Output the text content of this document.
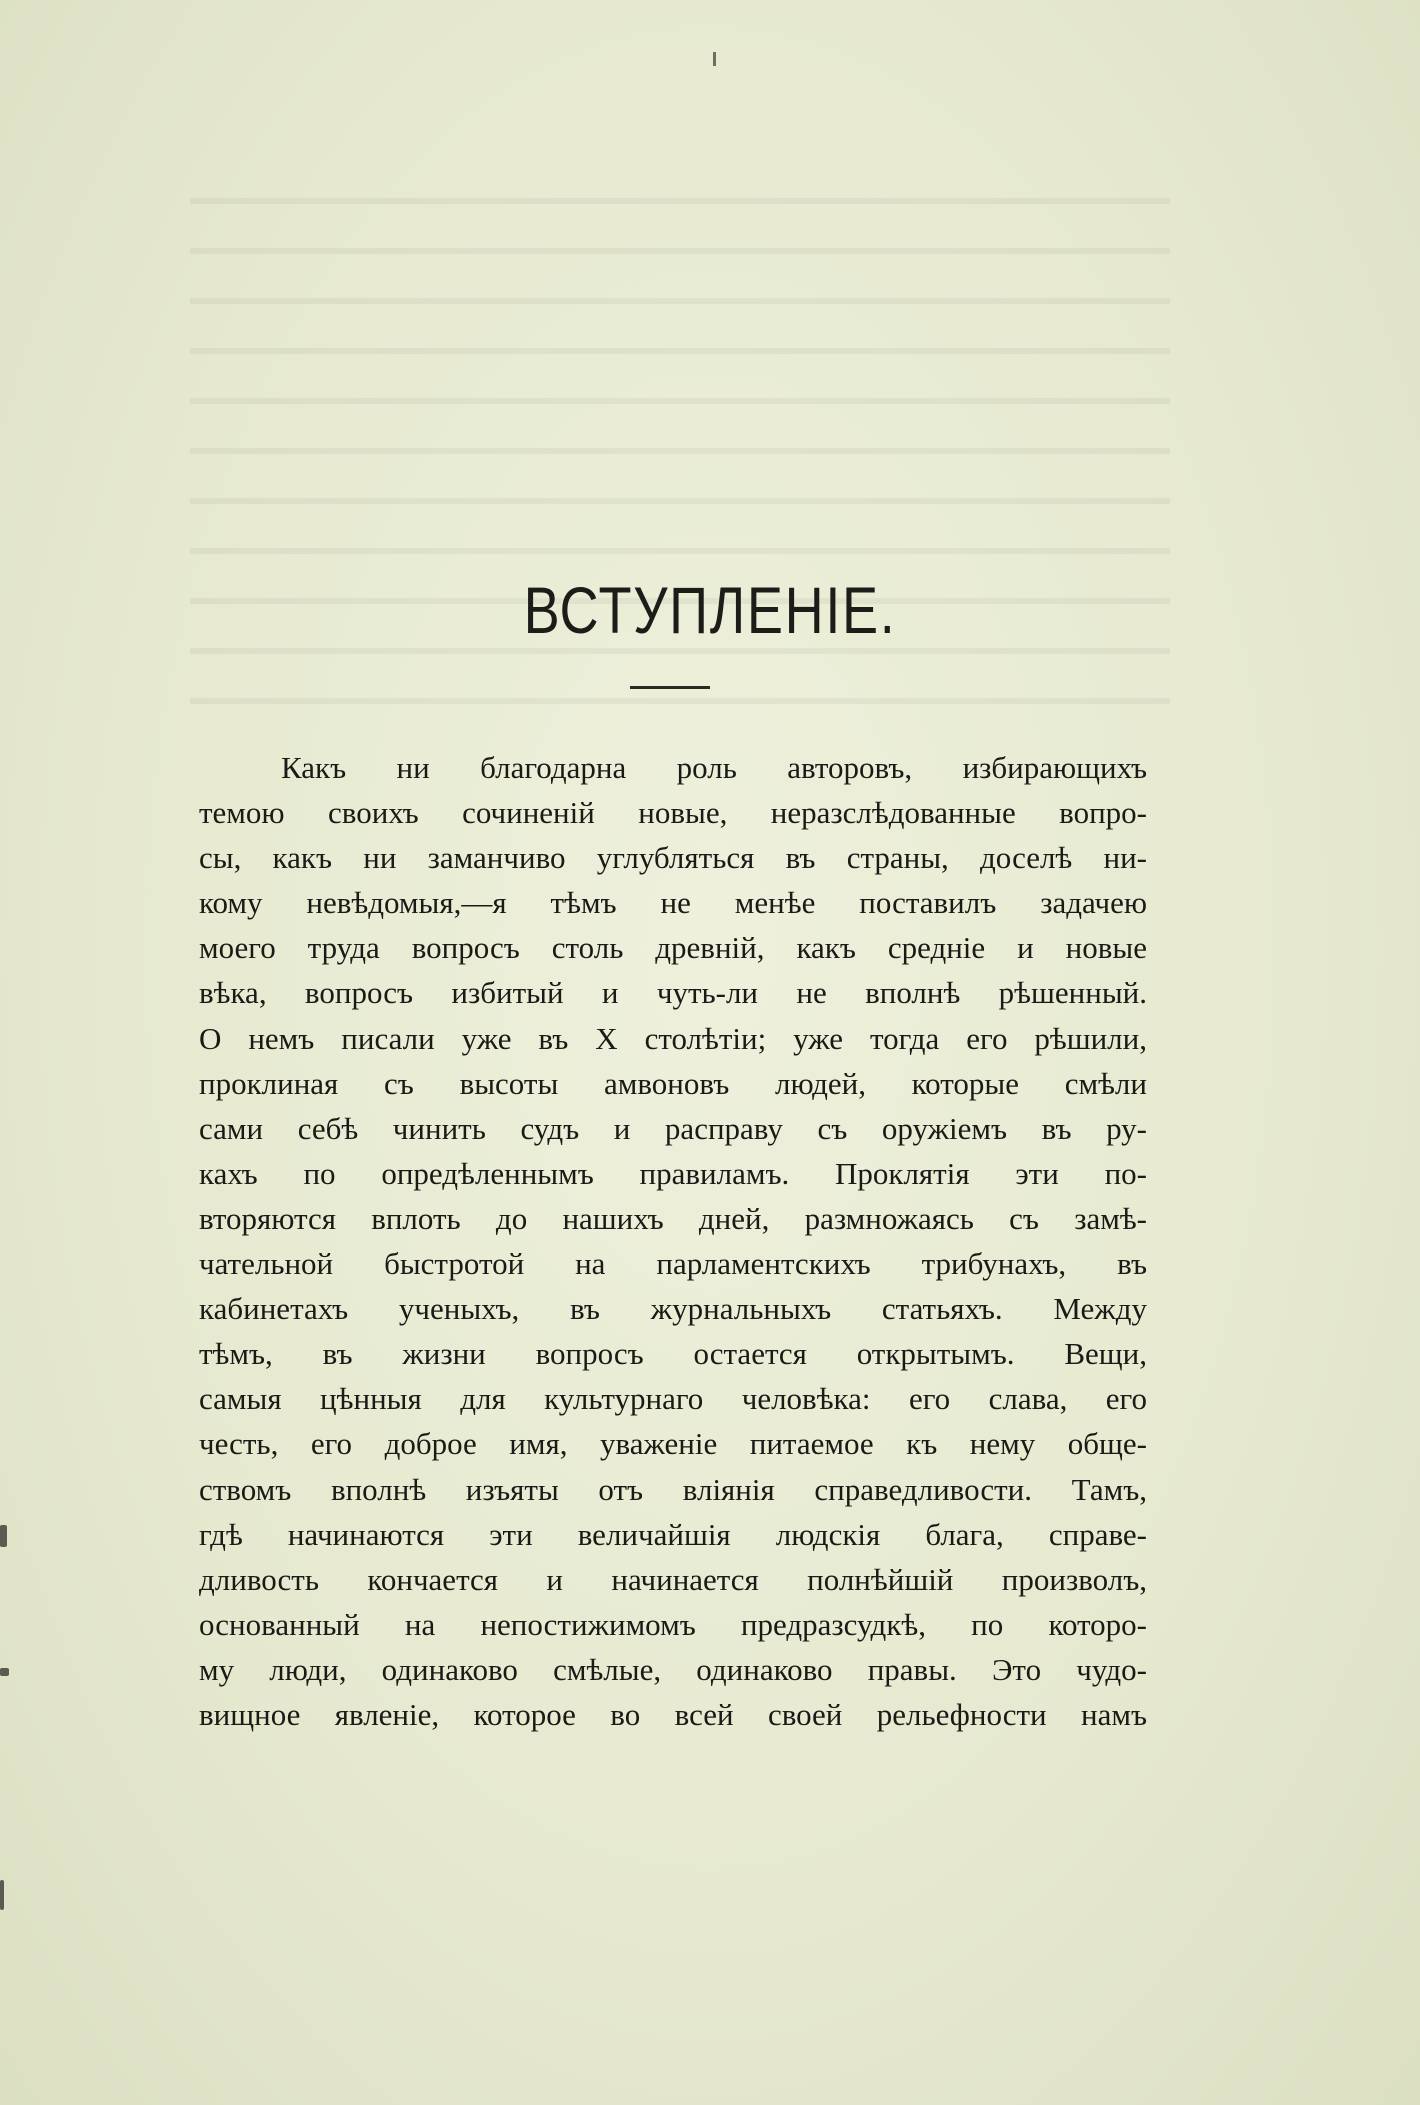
ВСТУПЛЕНІЕ.
Какъ ни благодарна роль авторовъ, избирающихъ
темою своихъ сочиненій новые, неразслѣдованные вопро-
сы, какъ ни заманчиво углубляться въ страны, доселѣ ни-
кому невѣдомыя,—я тѣмъ не менѣе поставилъ задачею
моего труда вопросъ столь древній, какъ средніе и новые
вѣка, вопросъ избитый и чуть-ли не вполнѣ рѣшенный.
О немъ писали уже въ X столѣтіи; уже тогда его рѣшили,
проклиная съ высоты амвоновъ людей, которые смѣли
сами себѣ чинить судъ и расправу съ оружіемъ въ ру-
кахъ по опредѣленнымъ правиламъ. Проклятія эти по-
вторяются вплоть до нашихъ дней, размножаясь съ замѣ-
чательной быстротой на парламентскихъ трибунахъ, въ
кабинетахъ ученыхъ, въ журнальныхъ статьяхъ. Между
тѣмъ, въ жизни вопросъ остается открытымъ. Вещи,
самыя цѣнныя для культурнаго человѣка: его слава, его
честь, его доброе имя, уваженіе питаемое къ нему обще-
ствомъ вполнѣ изъяты отъ вліянія справедливости. Тамъ,
гдѣ начинаются эти величайшія людскія блага, справе-
дливость кончается и начинается полнѣйшій произволъ,
основанный на непостижимомъ предразсудкѣ, по которо-
му люди, одинаково смѣлые, одинаково правы. Это чудо-
вищное явленіе, которое во всей своей рельефности намъ
